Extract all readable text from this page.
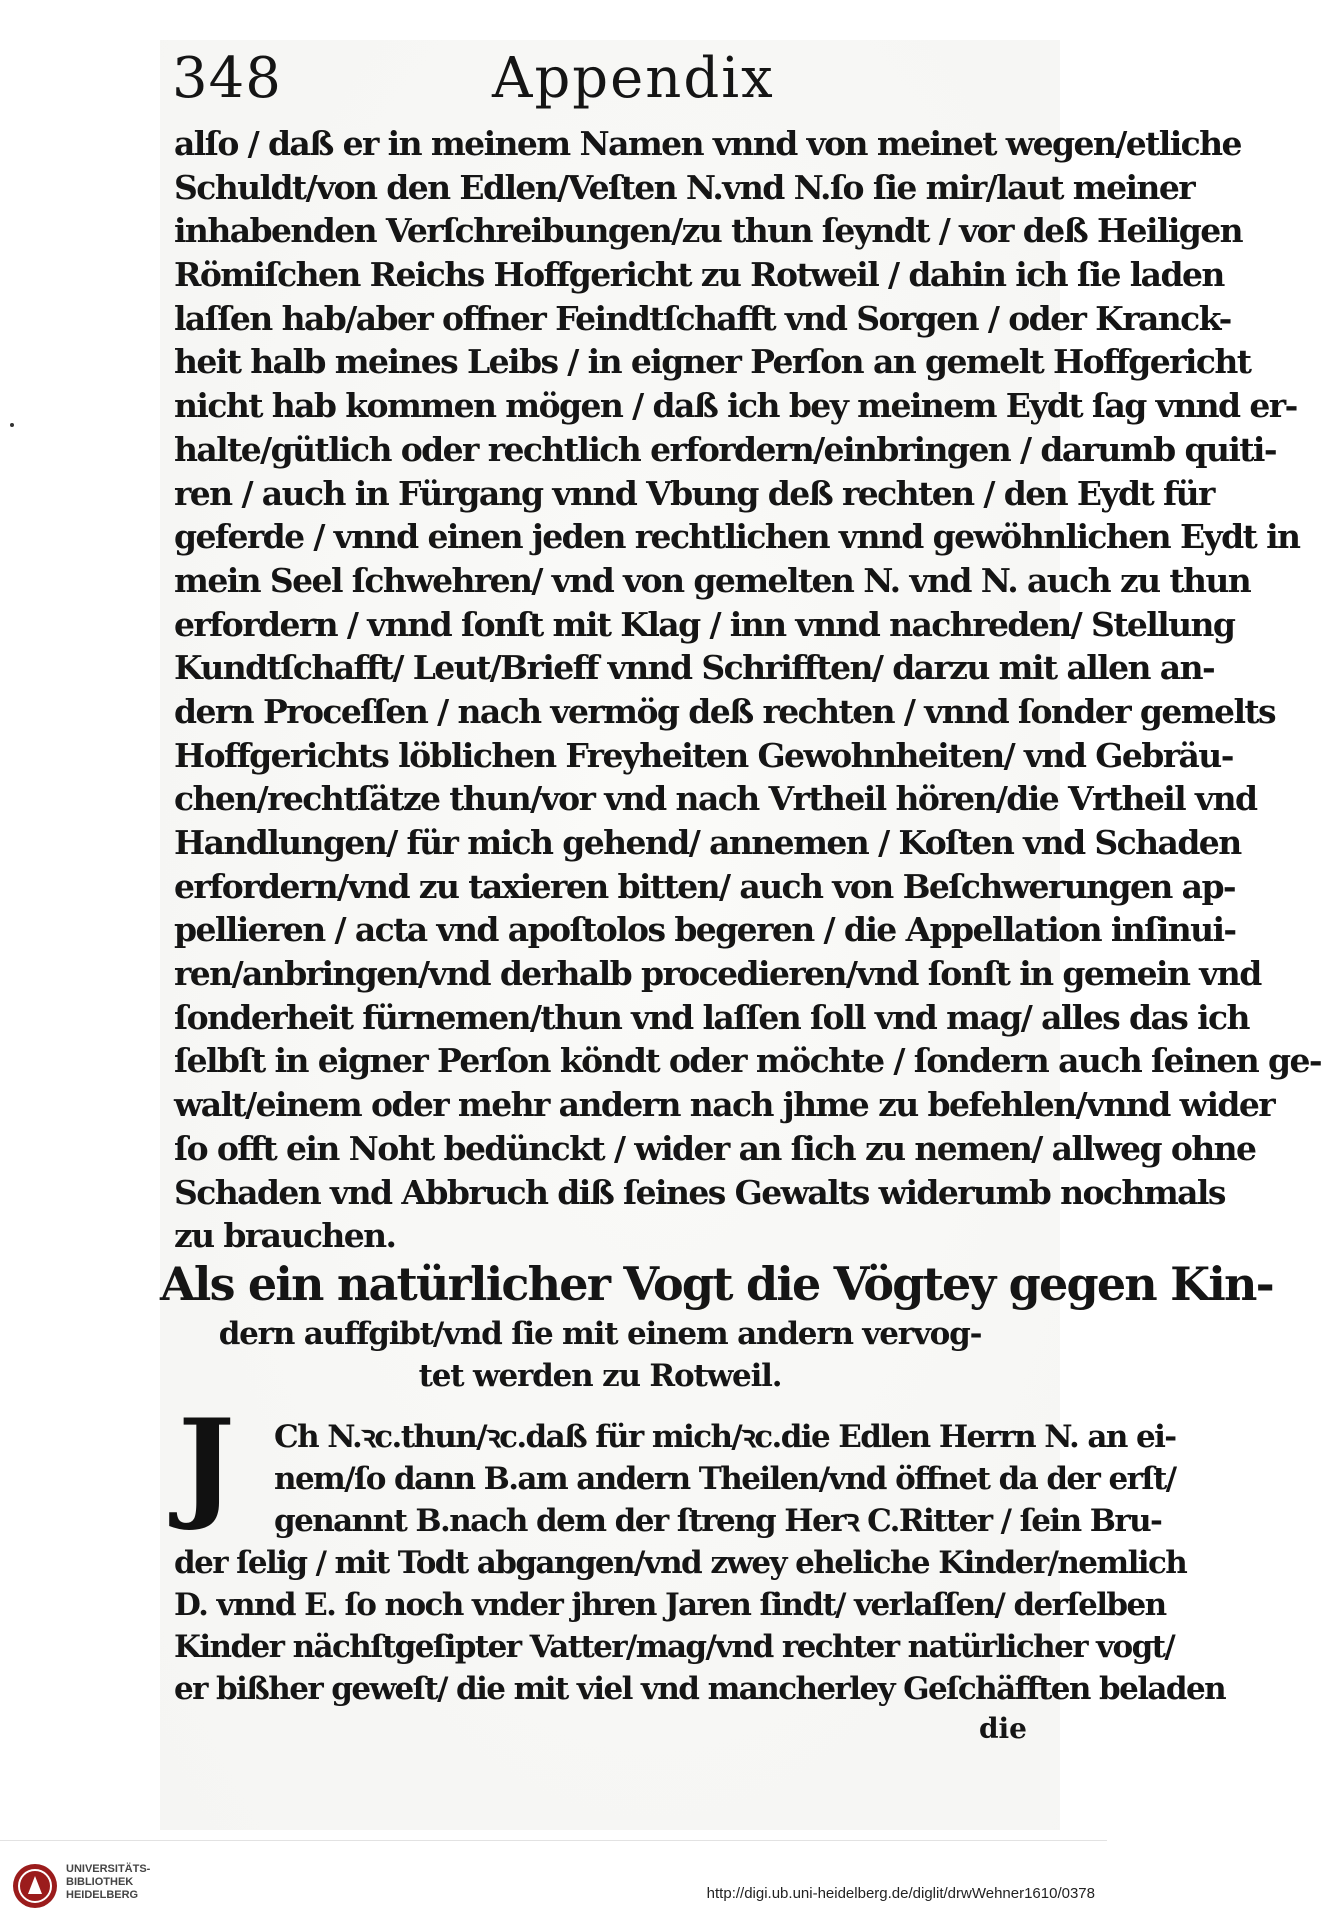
348	Appendix
alſo / daß er in meinem Namen vnnd von meinet wegen/etliche
Schuldt/von den Edlen/Veſten N.vnd N.ſo ſie mir/laut meiner
inhabenden Verſchreibungen/zu thun ſeyndt / vor deß Heiligen
Römiſchen Reichs Hoffgericht zu Rotweil / dahin ich ſie laden
laſſen hab/aber offner Feindtſchafft vnd Sorgen / oder Kranck-
heit halb meines Leibs / in eigner Perſon an gemelt Hoffgericht
nicht hab kommen mögen / daß ich bey meinem Eydt ſag vnnd er-
halte/gütlich oder rechtlich erfordern/einbringen / darumb quiti-
ren / auch in Fürgang vnnd Vbung deß rechten / den Eydt für
geferde / vnnd einen jeden rechtlichen vnnd gewöhnlichen Eydt in
mein Seel ſchwehren/ vnd von gemelten N. vnd N. auch zu thun
erfordern / vnnd ſonſt mit Klag / inn vnnd nachreden/ Stellung
Kundtſchafft/ Leut/Brieff vnnd Schrifften/ darzu mit allen an-
dern Proceſſen / nach vermög deß rechten / vnnd ſonder gemelts
Hoffgerichts löblichen Freyheiten Gewohnheiten/ vnd Gebräu-
chen/rechtſätze thun/vor vnd nach Vrtheil hören/die Vrtheil vnd
Handlungen/ für mich gehend/ annemen / Koſten vnd Schaden
erfordern/vnd zu taxieren bitten/ auch von Beſchwerungen ap-
pellieren / acta vnd apoſtolos begeren / die Appellation inſinui-
ren/anbringen/vnd derhalb procedieren/vnd ſonſt in gemein vnd
ſonderheit fürnemen/thun vnd laſſen ſoll vnd mag/ alles das ich
ſelbſt in eigner Perſon köndt oder möchte / ſondern auch ſeinen ge-
walt/einem oder mehr andern nach jhme zu befehlen/vnnd wider
ſo offt ein Noht bedünckt / wider an ſich zu nemen/ allweg ohne
Schaden vnd Abbruch diß ſeines Gewalts widerumb nochmals
zu brauchen.
Als ein natürlicher Vogt die Vögtey gegen Kin-
dern auffgibt/vnd ſie mit einem andern vervog-
tet werden zu Rotweil.
J	Ch N.ꝛc.thun/ꝛc.daß für mich/ꝛc.die Edlen Herrn N. an ei-
nem/ſo dann B.am andern Theilen/vnd öffnet da der erſt/
genannt B.nach dem der ſtreng Herꝛ C.Ritter / ſein Bru-
der ſelig / mit Todt abgangen/vnd zwey eheliche Kinder/nemlich
D. vnnd E. ſo noch vnder jhren Jaren ſindt/ verlaſſen/ derſelben
Kinder nächſtgeſipter Vatter/mag/vnd rechter natürlicher vogt/
er bißher geweſt/ die mit viel vnd mancherley Geſchäfften beladen
die
UNIVERSITÄTS-
BIBLIOTHEK
HEIDELBERG	http://digi.ub.uni-heidelberg.de/diglit/drwWehner1610/0378
